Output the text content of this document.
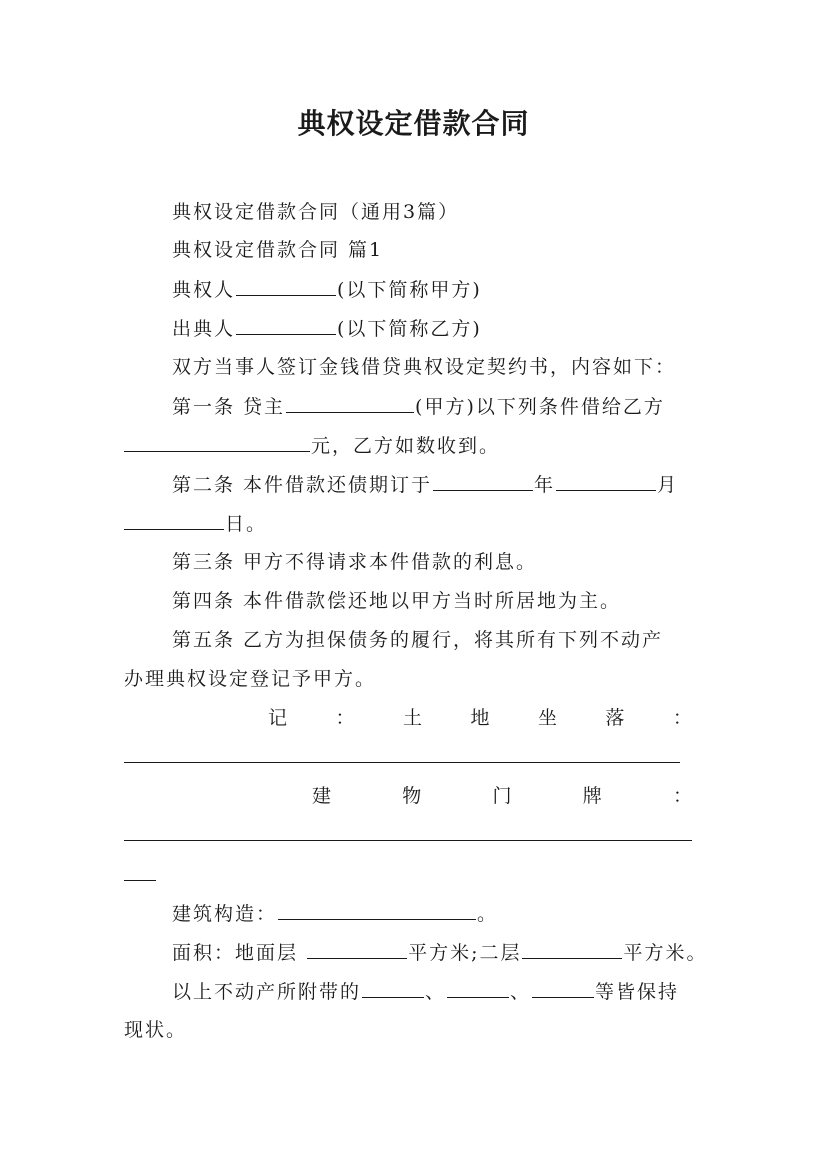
典权设定借款合同
典权设定借款合同（通用3篇）
典权设定借款合同 篇1
典权人	(以下简称甲方)
出典人	(以下简称乙方)
双方当事人签订金钱借贷典权设定契约书，内容如下：
第一条 贷主	(甲方)以下列条件借给乙方
元，乙方如数收到。
第二条 本件借款还债期订于	年	月
日。
第三条 甲方不得请求本件借款的利息。
第四条 本件借款偿还地以甲方当时所居地为主。
第五条 乙方为担保债务的履行，将其所有下列不动产
办理典权设定登记予甲方。
记	：	土	地	坐	落	：
建	物	门	牌	：
建筑构造：	。
面积：地面层	平方米;二层	平方米。
以上不动产所附带的	、	、	等皆保持
现状。
